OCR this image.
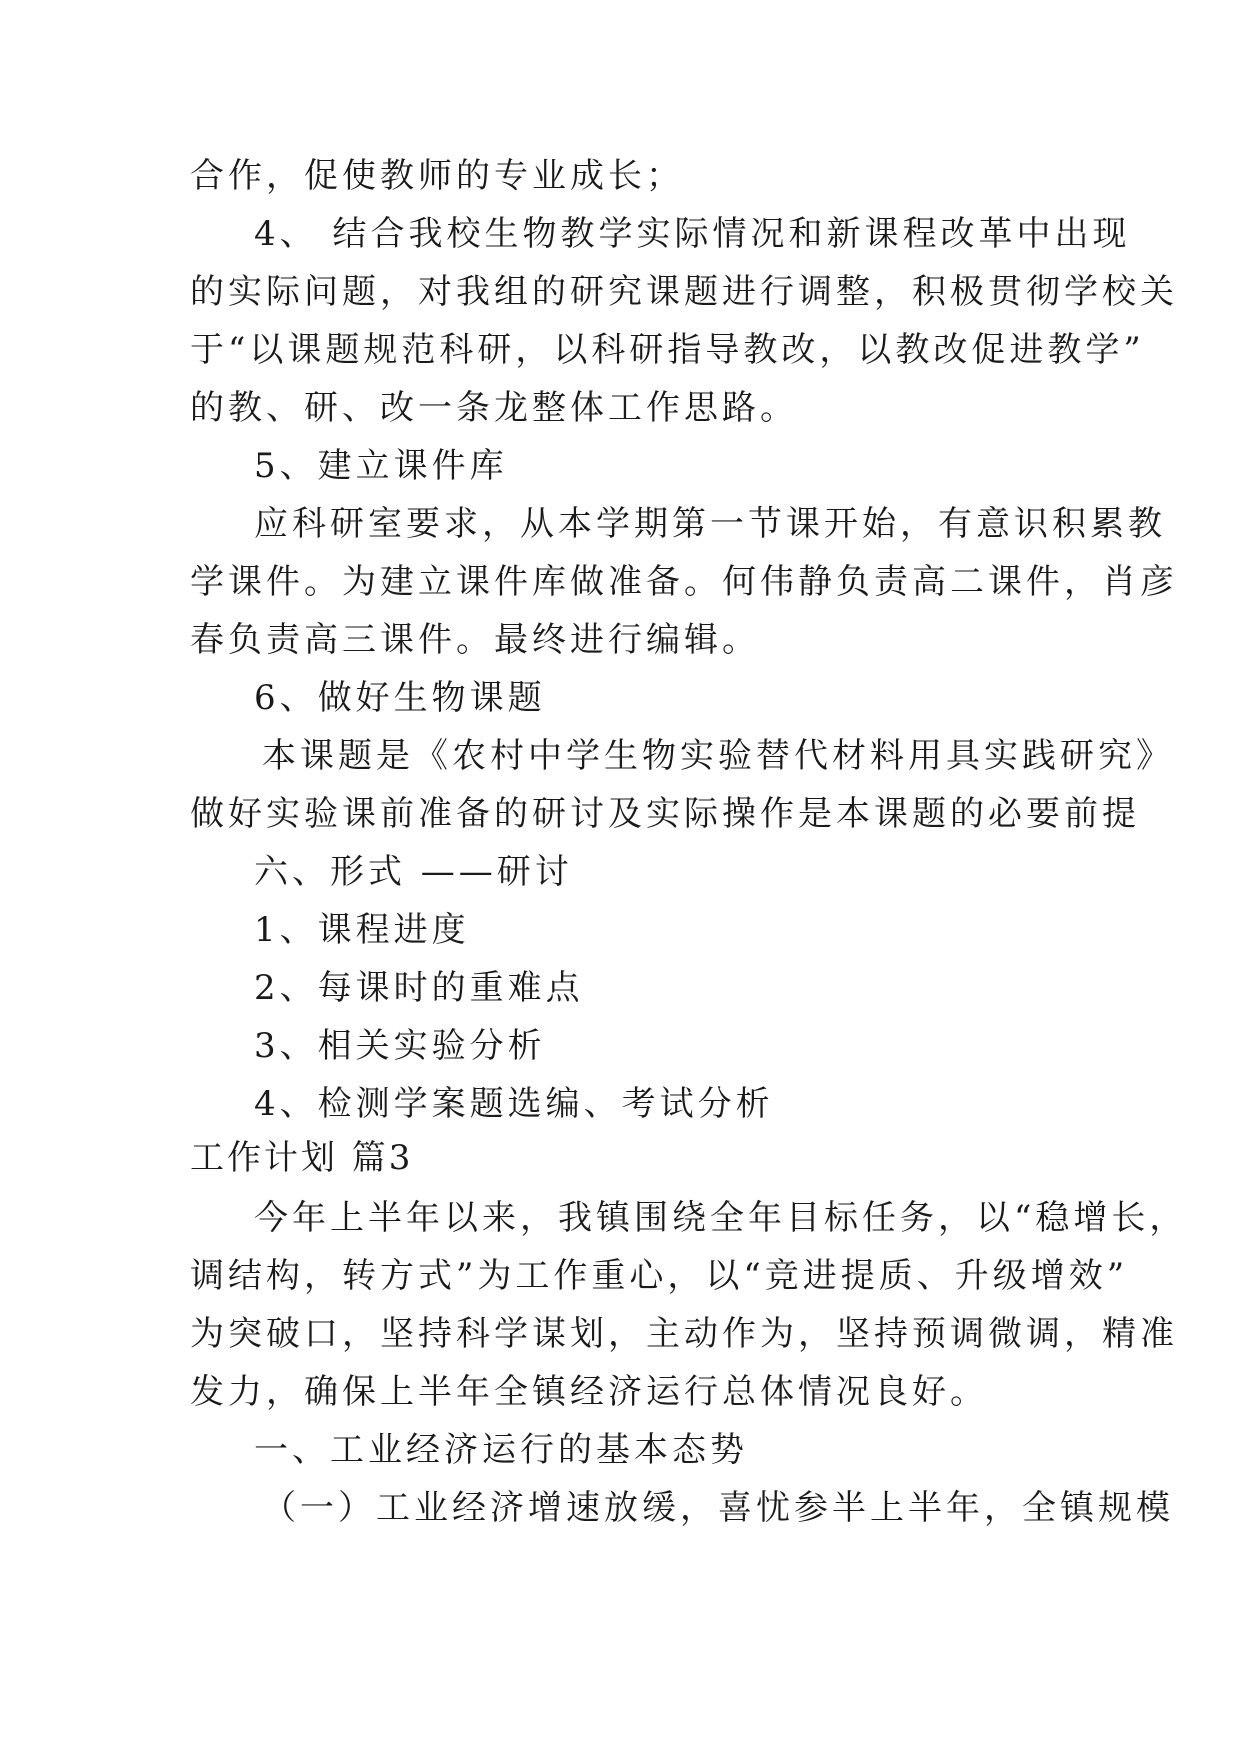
合作，促使教师的专业成长；
4、 结合我校生物教学实际情况和新课程改革中出现
的实际问题，对我组的研究课题进行调整，积极贯彻学校关
于“以课题规范科研，以科研指导教改，以教改促进教学”
的教、研、改一条龙整体工作思路。
5、建立课件库
应科研室要求，从本学期第一节课开始，有意识积累教
学课件。为建立课件库做准备。何伟静负责高二课件，肖彦
春负责高三课件。最终进行编辑。
6、做好生物课题
本课题是《农村中学生物实验替代材料用具实践研究》
做好实验课前准备的研讨及实际操作是本课题的必要前提
六、形式 ——研讨
1、课程进度
2、每课时的重难点
3、相关实验分析
4、检测学案题选编、考试分析
工作计划 篇3
今年上半年以来，我镇围绕全年目标任务，以“稳增长，
调结构，转方式”为工作重心，以“竞进提质、升级增效”
为突破口，坚持科学谋划，主动作为，坚持预调微调，精准
发力，确保上半年全镇经济运行总体情况良好。
一、工业经济运行的基本态势
（一）工业经济增速放缓，喜忧参半上半年，全镇规模
